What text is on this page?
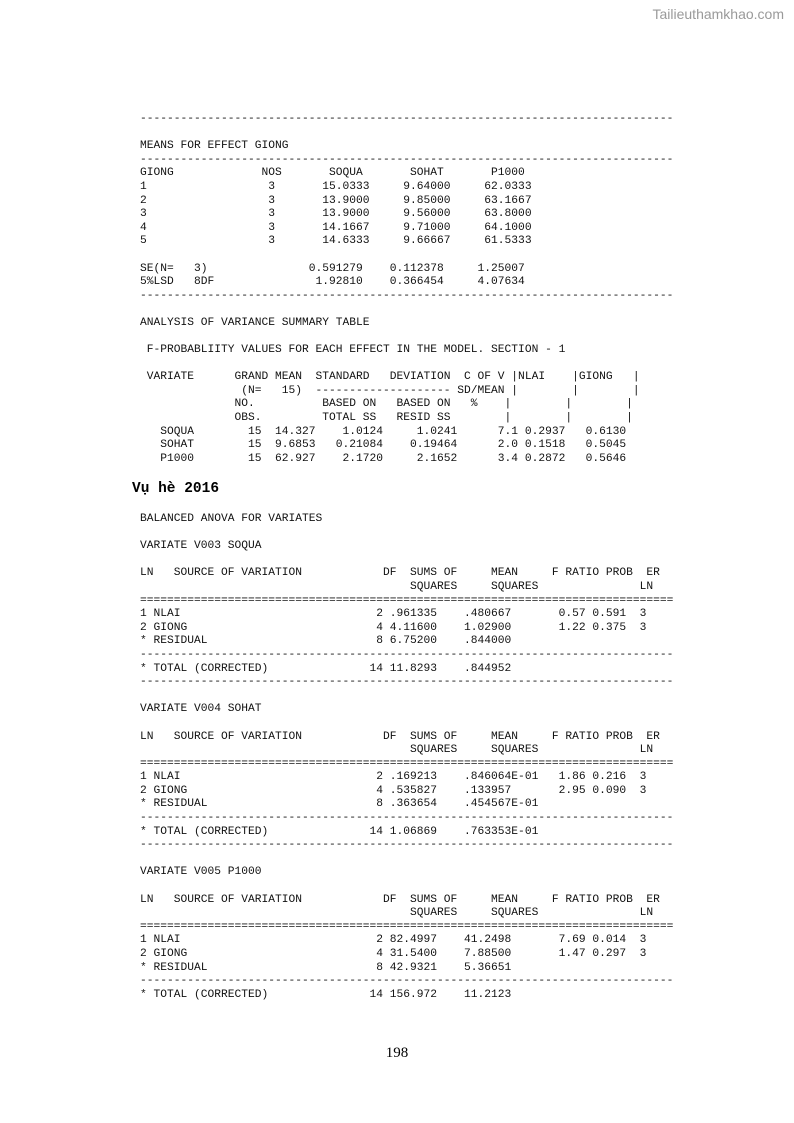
Tailieuthamkhao.com
-------------------------------------------------------------------------------

MEANS FOR EFFECT GIONG
-------------------------------------------------------------------------------
GIONG             NOS       SOQUA       SOHAT       P1000
1                  3       15.0333     9.64000     62.0333
2                  3       13.9000     9.85000     63.1667
3                  3       13.9000     9.56000     63.8000
4                  3       14.1667     9.71000     64.1000
5                  3       14.6333     9.66667     61.5333

SE(N=   3)               0.591279    0.112378     1.25007
5%LSD   8DF               1.92810    0.366454     4.07634
-------------------------------------------------------------------------------

ANALYSIS OF VARIANCE SUMMARY TABLE

F-PROBABLIITY VALUES FOR EACH EFFECT IN THE MODEL. SECTION - 1

VARIATE      GRAND MEAN  STANDARD   DEVIATION  C OF V |NLAI    |GIONG   |
(N=   15)  -------------------- SD/MEAN |        |        |
NO.          BASED ON   BASED ON   %    |        |        |
OBS.         TOTAL SS   RESID SS        |        |        |
SOQUA        15  14.327    1.0124     1.0241      7.1 0.2937   0.6130
SOHAT        15  9.6853   0.21084    0.19464      2.0 0.1518   0.5045
P1000        15  62.927    2.1720     2.1652      3.4 0.2872   0.5646
Vụ hè 2016
BALANCED ANOVA FOR VARIATES

VARIATE V003 SOQUA

LN   SOURCE OF VARIATION            DF  SUMS OF     MEAN     F RATIO PROB  ER
SQUARES     SQUARES               LN
===============================================================================
1 NLAI                             2 .961335    .480667       0.57 0.591  3
2 GIONG                            4 4.11600    1.02900       1.22 0.375  3
* RESIDUAL                         8 6.75200    .844000
-------------------------------------------------------------------------------
* TOTAL (CORRECTED)               14 11.8293    .844952
-------------------------------------------------------------------------------

VARIATE V004 SOHAT

LN   SOURCE OF VARIATION            DF  SUMS OF     MEAN     F RATIO PROB  ER
SQUARES     SQUARES               LN
===============================================================================
1 NLAI                             2 .169213    .846064E-01   1.86 0.216  3
2 GIONG                            4 .535827    .133957       2.95 0.090  3
* RESIDUAL                         8 .363654    .454567E-01
-------------------------------------------------------------------------------
* TOTAL (CORRECTED)               14 1.06869    .763353E-01
-------------------------------------------------------------------------------

VARIATE V005 P1000

LN   SOURCE OF VARIATION            DF  SUMS OF     MEAN     F RATIO PROB  ER
SQUARES     SQUARES               LN
===============================================================================
1 NLAI                             2 82.4997    41.2498       7.69 0.014  3
2 GIONG                            4 31.5400    7.88500       1.47 0.297  3
* RESIDUAL                         8 42.9321    5.36651
-------------------------------------------------------------------------------
* TOTAL (CORRECTED)               14 156.972    11.2123
198
